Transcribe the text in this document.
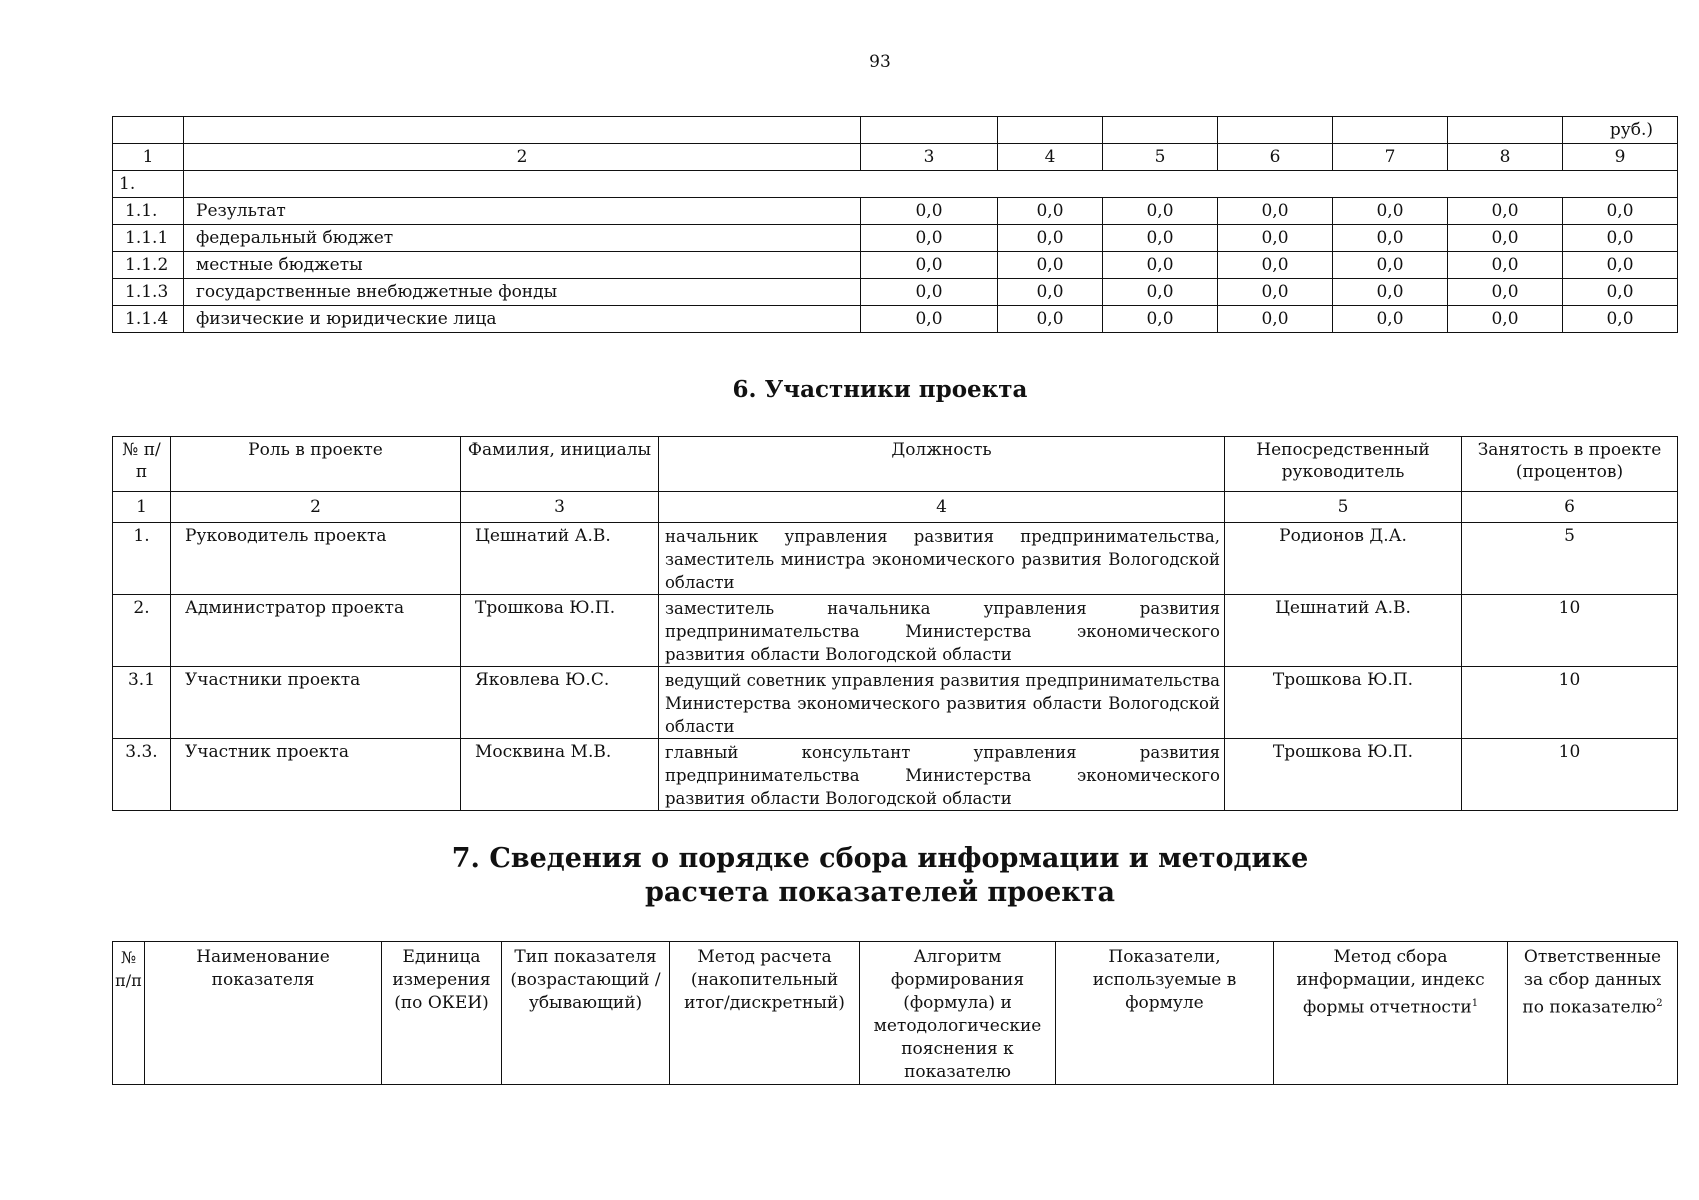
93
								руб.)
1	2	3	4	5	6	7	8	9
1.								
1.1.	Результат	0,0	0,0	0,0	0,0	0,0	0,0	0,0
1.1.1	федеральный бюджет	0,0	0,0	0,0	0,0	0,0	0,0	0,0
1.1.2	местные бюджеты	0,0	0,0	0,0	0,0	0,0	0,0	0,0
1.1.3	государственные внебюджетные фонды	0,0	0,0	0,0	0,0	0,0	0,0	0,0
1.1.4	физические и юридические лица	0,0	0,0	0,0	0,0	0,0	0,0	0,0
6. Участники проекта
№ п/п	Роль в проекте	Фамилия, инициалы	Должность	Непосредственный руководитель	Занятость в проекте (процентов)
1	2	3	4	5	6
1.	Руководитель проекта	Цешнатий А.В.	начальник управления развития предпринимательства, заместитель министра экономического развития Вологодской области	Родионов Д.А.	5
2.	Администратор проекта	Трошкова Ю.П.	заместитель начальника управления развития предпринимательства Министерства экономического развития области Вологодской области	Цешнатий А.В.	10
3.1	Участники проекта	Яковлева Ю.С.	ведущий советник управления развития предпринимательства Министерства экономического развития области Вологодской области	Трошкова Ю.П.	10
3.3.	Участник проекта	Москвина М.В.	главный консультант управления развития предпринимательства Министерства экономического развития области Вологодской области	Трошкова Ю.П.	10
7. Сведения о порядке сбора информации и методике
расчета показателей проекта
№ п/п	Наименование показателя	Единица измерения (по ОКЕИ)	Тип показателя (возрастающий / убывающий)	Метод расчета (накопительный итог/дискретный)	Алгоритм формирования (формула) и методологические пояснения к показателю	Показатели, используемые в формуле	Метод сбора информации, индекс формы отчетности$^1$	Ответственные за сбор данных по показателю$^2$
